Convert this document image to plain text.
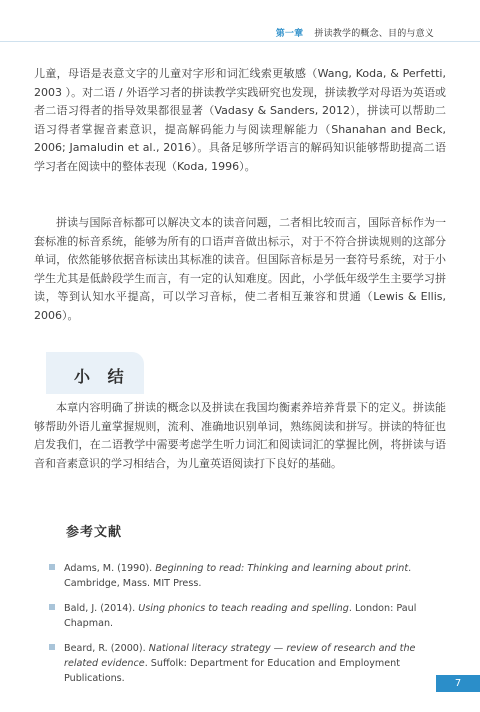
第一章 拼读教学的概念、目的与意义

儿童，母语是表意文字的儿童对字形和词汇线索更敏感（Wang, Koda, & Perfetti, 2003 ）。对二语 / 外语学习者的拼读教学实践研究也发现，拼读教学对母语为英语或者二语习得者的指导效果都很显著（Vadasy & Sanders, 2012），拼读可以帮助二语习得者掌握音素意识，提高解码能力与阅读理解能力（Shanahan and Beck, 2006; Jamaludin et al., 2016）。具备足够所学语言的解码知识能够帮助提高二语学习者在阅读中的整体表现（Koda, 1996）。

拼读与国际音标都可以解决文本的读音问题，二者相比较而言，国际音标作为一套标准的标音系统，能够为所有的口语声音做出标示，对于不符合拼读规则的这部分单词，依然能够依据音标读出其标准的读音。但国际音标是另一套符号系统，对于小学生尤其是低龄段学生而言，有一定的认知难度。因此，小学低年级学生主要学习拼读，等到认知水平提高，可以学习音标，使二者相互兼容和贯通（Lewis & Ellis, 2006）。

小 结

本章内容明确了拼读的概念以及拼读在我国均衡素养培养背景下的定义。拼读能够帮助外语儿童掌握规则，流利、准确地识别单词，熟练阅读和拼写。拼读的特征也启发我们，在二语教学中需要考虑学生听力词汇和阅读词汇的掌握比例，将拼读与语音和音素意识的学习相结合，为儿童英语阅读打下良好的基础。

参考文献
Adams, M. (1990). Beginning to read: Thinking and learning about print. Cambridge, Mass. MIT Press.
Bald, J. (2014). Using phonics to teach reading and spelling. London: Paul Chapman.
Beard, R. (2000). National literacy strategy — review of research and the related evidence. Suffolk: Department for Education and Employment Publications.	7
